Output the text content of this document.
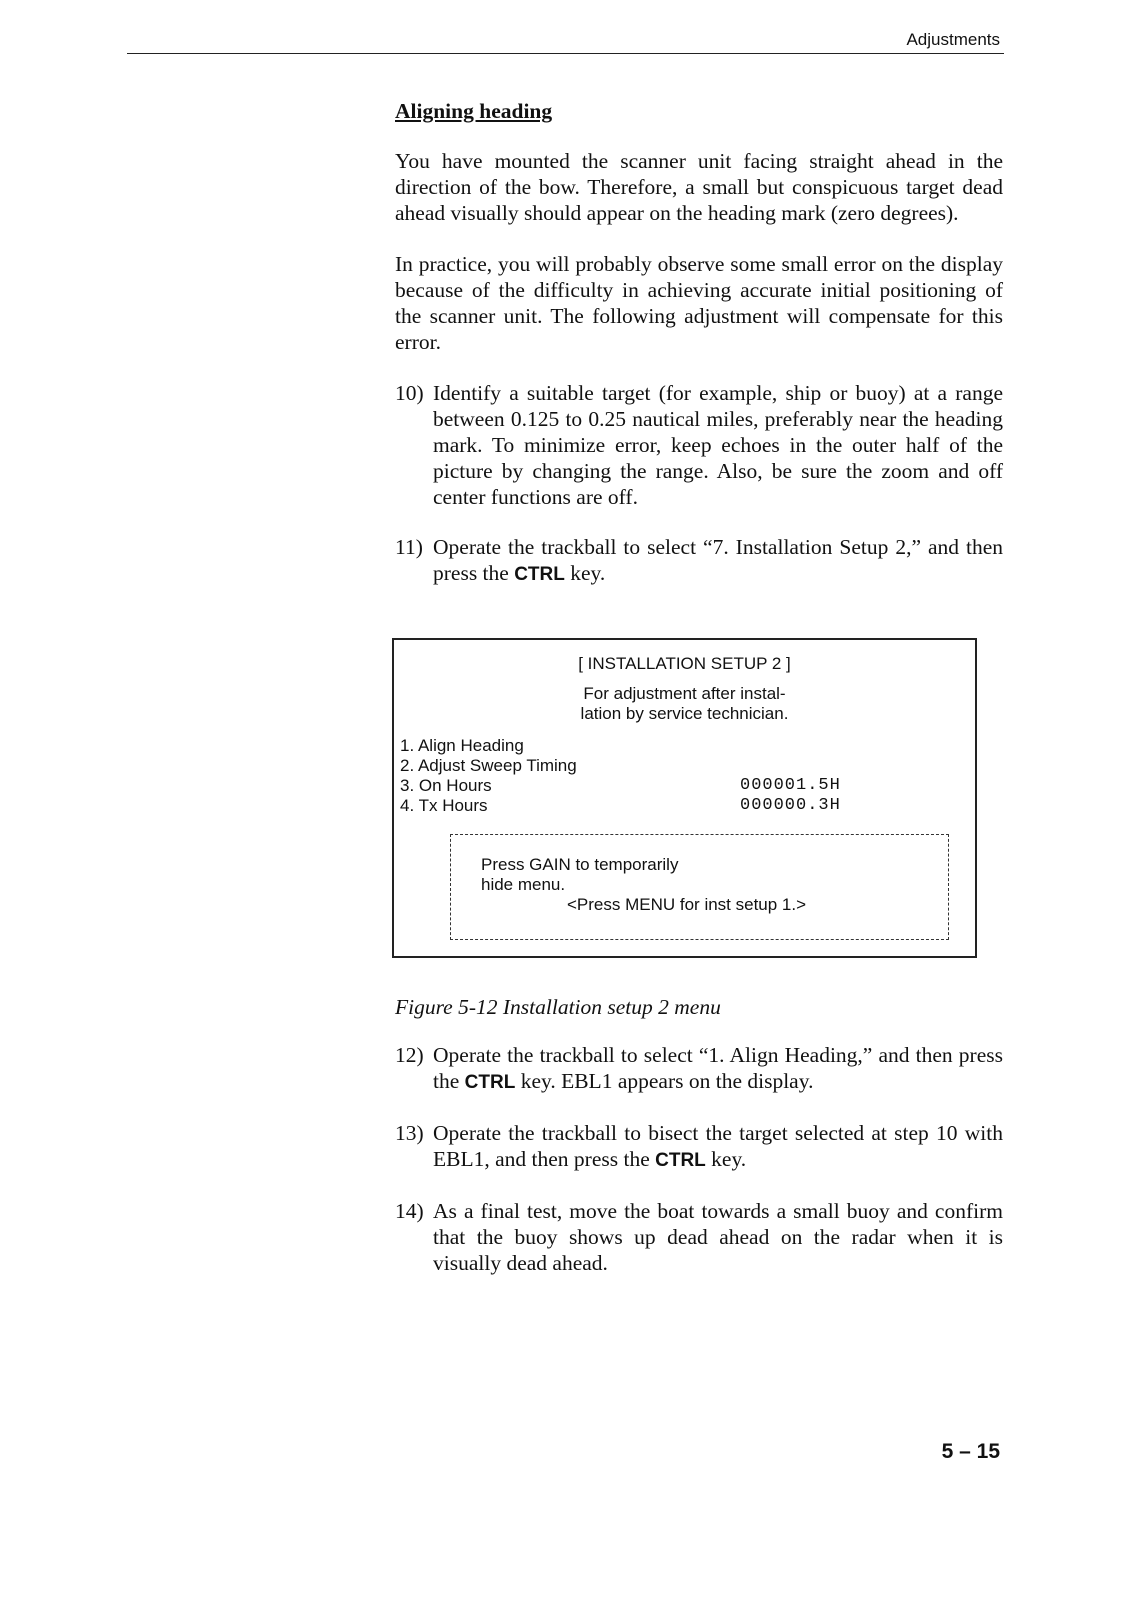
Adjustments
Aligning heading

You have mounted the scanner unit facing straight ahead in the direction of the bow. Therefore, a small but conspicuous target dead ahead visually should appear on the heading mark (zero degrees).

In practice, you will probably observe some small error on the display because of the difficulty in achieving accurate initial positioning of the scanner unit. The following adjustment will compensate for this error.

10) Identify a suitable target (for example, ship or buoy) at a range between 0.125 to 0.25 nautical miles, preferably near the heading mark. To minimize error, keep echoes in the outer half of the picture by changing the range. Also, be sure the zoom and off center functions are off.
11) Operate the trackball to select “7. Installation Setup 2,” and then press the CTRL key.
[ INSTALLATION SETUP 2 ]
For adjustment after instal-
lation by service technician.
1. Align Heading
2. Adjust Sweep Timing
3. On Hours	000001.5H
4. Tx Hours	000000.3H
Press GAIN to temporarily
hide menu.
<Press MENU for inst setup 1.>
Figure 5-12 Installation setup 2 menu
12) Operate the trackball to select “1. Align Heading,” and then press the CTRL key. EBL1 appears on the display.
13) Operate the trackball to bisect the target selected at step 10 with EBL1, and then press the CTRL key.
14) As a final test, move the boat towards a small buoy and confirm that the buoy shows up dead ahead on the radar when it is visually dead ahead.
5 – 15
